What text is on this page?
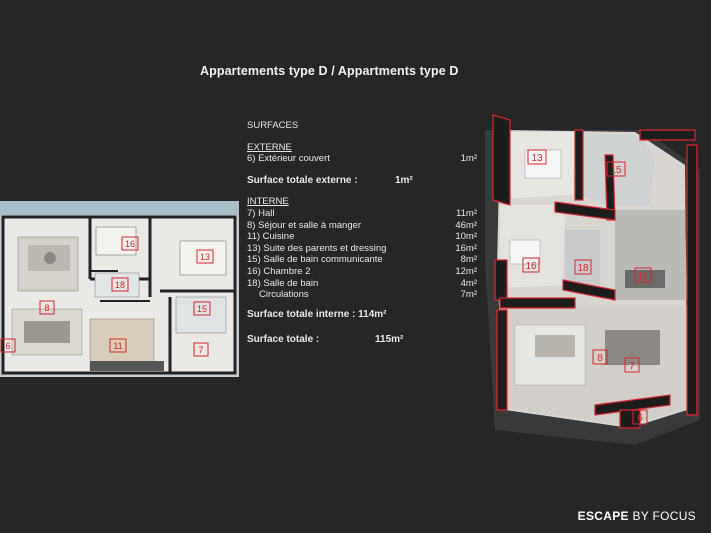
Appartements type D / Appartments type D
16
13
18
8	15
11	7
6
SURFACES
EXTERNE
6) Extérieur couvert	1m²
Surface totale externe :	1m²
INTERNE
7) Hall	11m²
8) Séjour et salle à manger	46m²
11) Cuisine	10m²
13) Suite des parents et dressing	16m²
15) Salle de bain communicante	8m²
16) Chambre 2	12m²
18) Salle de bain	4m²
Circulations	7m²
Surface totale interne : 114m²
Surface totale :	115m²
13
15
16	18
11
8
7
6
ESCAPE BY FOCUS
